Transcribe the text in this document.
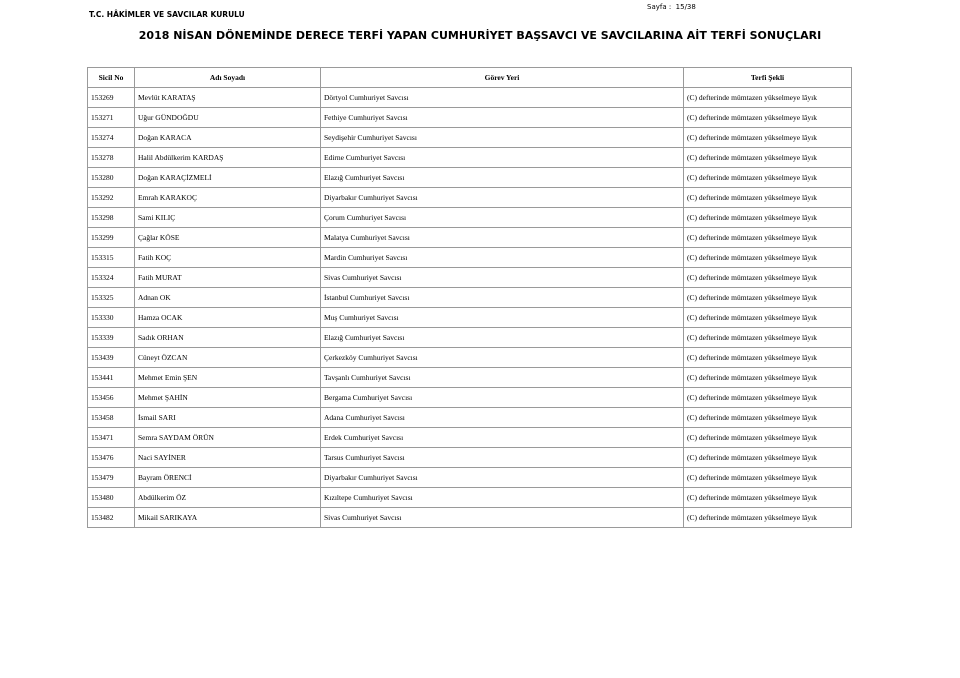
Sayfa :  15/38
T.C. HÂKİMLER VE SAVCILAR KURULU
2018 NİSAN DÖNEMİNDE DERECE TERFİ YAPAN CUMHURİYET BAŞSAVCI VE SAVCILARINA AİT TERFİ SONUÇLARI
Sicil No	Adı Soyadı	Görev Yeri	Terfi Şekli
153269	Mevlüt KARATAŞ	Dörtyol Cumhuriyet Savcısı	(C) defterinde mümtazen yükselmeye lâyık
153271	Uğur GÜNDOĞDU	Fethiye Cumhuriyet Savcısı	(C) defterinde mümtazen yükselmeye lâyık
153274	Doğan KARACA	Seydişehir Cumhuriyet Savcısı	(C) defterinde mümtazen yükselmeye lâyık
153278	Halil Abdülkerim KARDAŞ	Edirne Cumhuriyet Savcısı	(C) defterinde mümtazen yükselmeye lâyık
153280	Doğan KARAÇİZMELİ	Elazığ Cumhuriyet Savcısı	(C) defterinde mümtazen yükselmeye lâyık
153292	Emrah KARAKOÇ	Diyarbakır Cumhuriyet Savcısı	(C) defterinde mümtazen yükselmeye lâyık
153298	Sami KILIÇ	Çorum Cumhuriyet Savcısı	(C) defterinde mümtazen yükselmeye lâyık
153299	Çağlar KÖSE	Malatya Cumhuriyet Savcısı	(C) defterinde mümtazen yükselmeye lâyık
153315	Fatih KOÇ	Mardin Cumhuriyet Savcısı	(C) defterinde mümtazen yükselmeye lâyık
153324	Fatih MURAT	Sivas Cumhuriyet Savcısı	(C) defterinde mümtazen yükselmeye lâyık
153325	Adnan OK	İstanbul Cumhuriyet Savcısı	(C) defterinde mümtazen yükselmeye lâyık
153330	Hamza OCAK	Muş Cumhuriyet Savcısı	(C) defterinde mümtazen yükselmeye lâyık
153339	Sadık ORHAN	Elazığ Cumhuriyet Savcısı	(C) defterinde mümtazen yükselmeye lâyık
153439	Cüneyt ÖZCAN	Çerkezköy Cumhuriyet Savcısı	(C) defterinde mümtazen yükselmeye lâyık
153441	Mehmet Emin ŞEN	Tavşanlı Cumhuriyet Savcısı	(C) defterinde mümtazen yükselmeye lâyık
153456	Mehmet ŞAHİN	Bergama Cumhuriyet Savcısı	(C) defterinde mümtazen yükselmeye lâyık
153458	İsmail SARI	Adana Cumhuriyet Savcısı	(C) defterinde mümtazen yükselmeye lâyık
153471	Semra SAYDAM ÖRÜN	Erdek Cumhuriyet Savcısı	(C) defterinde mümtazen yükselmeye lâyık
153476	Naci SAYİNER	Tarsus Cumhuriyet Savcısı	(C) defterinde mümtazen yükselmeye lâyık
153479	Bayram ÖRENCİ	Diyarbakır Cumhuriyet Savcısı	(C) defterinde mümtazen yükselmeye lâyık
153480	Abdülkerim ÖZ	Kızıltepe Cumhuriyet Savcısı	(C) defterinde mümtazen yükselmeye lâyık
153482	Mikail SARIKAYA	Sivas Cumhuriyet Savcısı	(C) defterinde mümtazen yükselmeye lâyık
